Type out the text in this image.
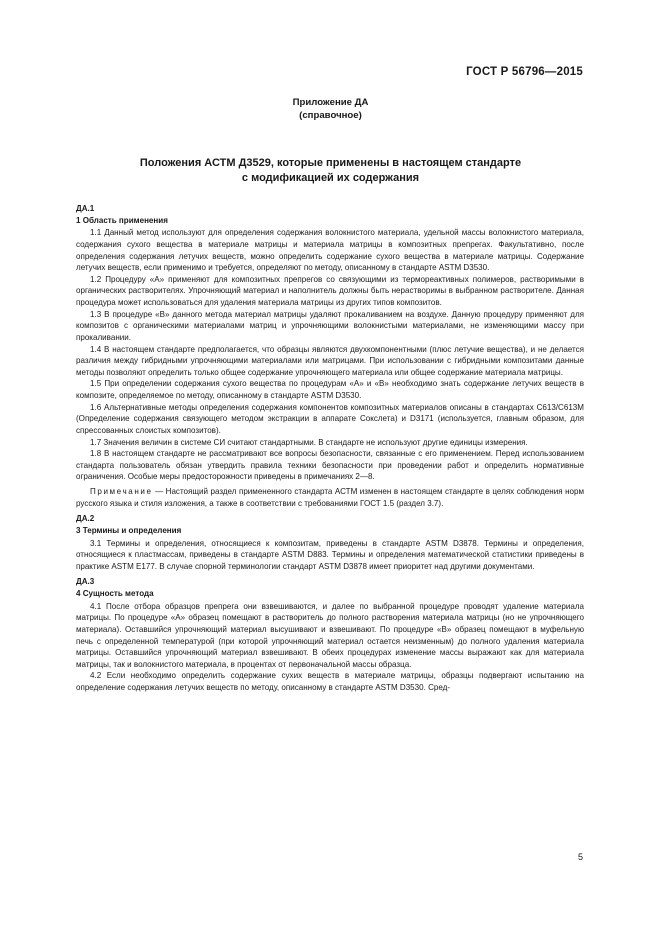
ГОСТ Р 56796—2015
Приложение ДА
(справочное)
Положения АСТМ Д3529, которые применены в настоящем стандарте
с модификацией их содержания

ДА.1

1 Область применения

1.1 Данный метод используют для определения содержания волокнистого материала, удельной массы волокнистого материала, содержания сухого вещества в материале матрицы и материала матрицы в композитных препрегах. Факультативно, после определения содержания летучих веществ, можно определить содержание сухого вещества в материале матрицы. Содержание летучих веществ, если применимо и требуется, определяют по методу, описанному в стандарте ASTM D3530.

1.2 Процедуру «А» применяют для композитных препрегов со связующими из термореактивных полимеров, растворимыми в органических растворителях. Упрочняющий материал и наполнитель должны быть нерастворимы в выбранном растворителе. Данная процедура может использоваться для удаления материала матрицы из других типов композитов.

1.3 В процедуре «В» данного метода материал матрицы удаляют прокаливанием на воздухе. Данную процедуру применяют для композитов с органическими материалами матриц и упрочняющими волокнистыми материалами, не изменяющими массу при прокаливании.

1.4 В настоящем стандарте предполагается, что образцы являются двухкомпонентными (плюс летучие вещества), и не делается различия между гибридными упрочняющими материалами или матрицами. При использовании с гибридными композитами данные методы позволяют определить только общее содержание упрочняющего материала или общее содержание материала матрицы.

1.5 При определении содержания сухого вещества по процедурам «А» и «В» необходимо знать содержание летучих веществ в композите, определяемое по методу, описанному в стандарте ASTM D3530.

1.6 Альтернативные методы определения содержания компонентов композитных материалов описаны в стандартах C613/C613M (Определение содержания связующего методом экстракции в аппарате Сокслета) и D3171 (используется, главным образом, для спрессованных слоистых композитов).

1.7 Значения величин в системе СИ считают стандартными. В стандарте не используют другие единицы измерения.

1.8 В настоящем стандарте не рассматривают все вопросы безопасности, связанные с его применением. Перед использованием стандарта пользователь обязан утвердить правила техники безопасности при проведении работ и определить нормативные ограничения. Особые меры предосторожности приведены в примечаниях 2—8.

Примечание — Настоящий раздел примененного стандарта АСТМ изменен в настоящем стандарте в целях соблюдения норм русского языка и стиля изложения, а также в соответствии с требованиями ГОСТ 1.5 (раздел 3.7).

ДА.2

3 Термины и определения

3.1 Термины и определения, относящиеся к композитам, приведены в стандарте ASTM D3878. Термины и определения, относящиеся к пластмассам, приведены в стандарте ASTM D883. Термины и определения математической статистики приведены в практике ASTM E177. В случае спорной терминологии стандарт ASTM D3878 имеет приоритет над другими документами.

ДА.3

4 Сущность метода

4.1 После отбора образцов препрега они взвешиваются, и далее по выбранной процедуре проводят удаление материала матрицы. По процедуре «А» образец помещают в растворитель до полного растворения материала матрицы (но не упрочняющего материала). Оставшийся упрочняющий материал высушивают и взвешивают. По процедуре «В» образец помещают в муфельную печь с определенной температурой (при которой упрочняющий материал остается неизменным) до полного удаления материала матрицы. Оставшийся упрочняющий материал взвешивают. В обеих процедурах изменение массы выражают как для материала матрицы, так и волокнистого материала, в процентах от первоначальной массы образца.

4.2 Если необходимо определить содержание сухих веществ в материале матрицы, образцы подвергают испытанию на определение содержания летучих веществ по методу, описанному в стандарте ASTM D3530. Сред-

5
